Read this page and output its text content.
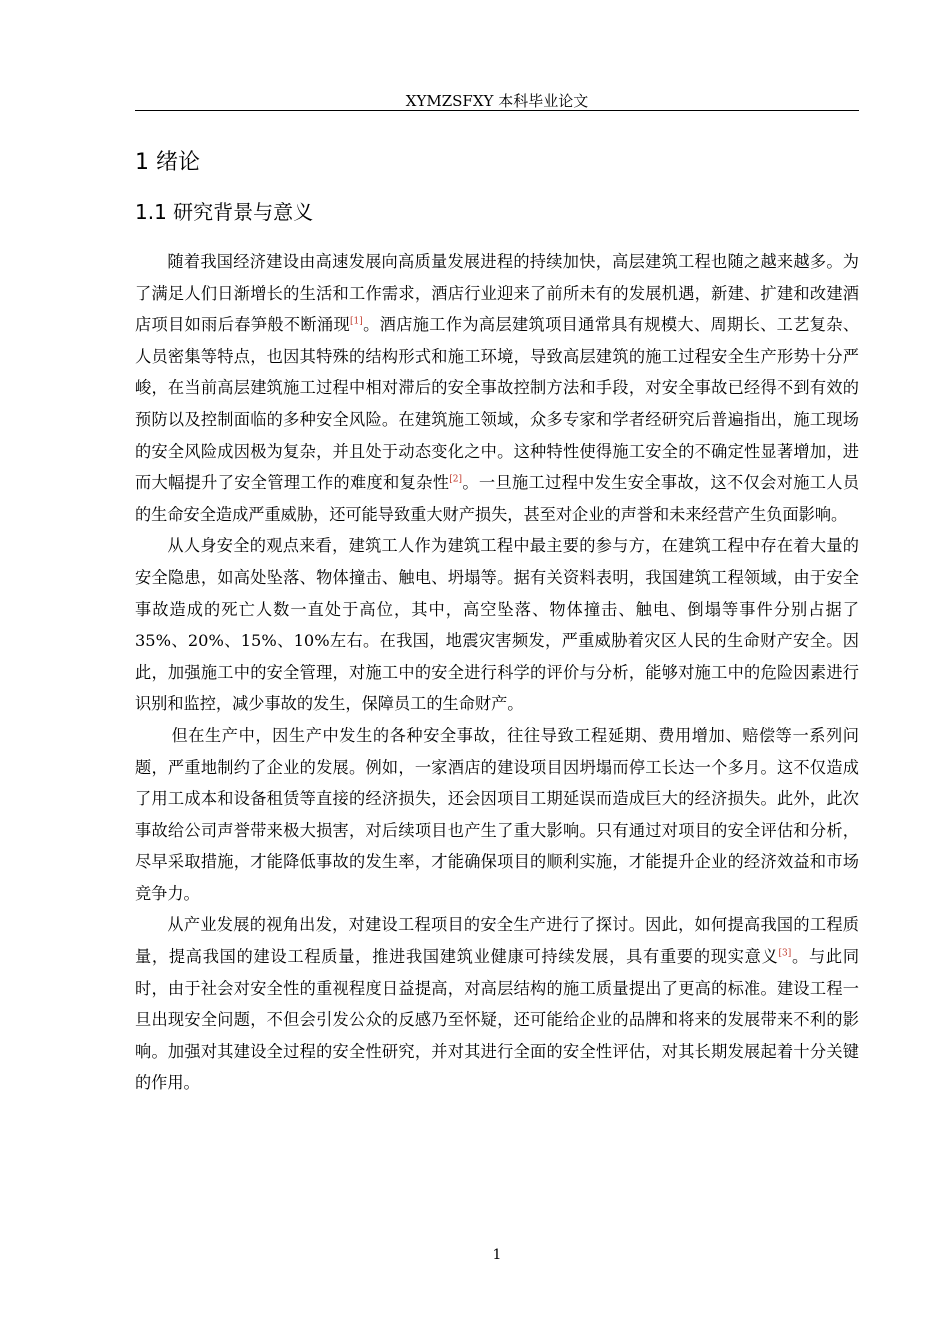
XYMZSFXY 本科毕业论文
1 绪论
1.1 研究背景与意义

随着我国经济建设由高速发展向高质量发展进程的持续加快，高层建筑工程也随之越来越多。为了满足人们日渐增长的生活和工作需求，酒店行业迎来了前所未有的发展机遇，新建、扩建和改建酒店项目如雨后春笋般不断涌现[1]。酒店施工作为高层建筑项目通常具有规模大、周期长、工艺复杂、人员密集等特点，也因其特殊的结构形式和施工环境，导致高层建筑的施工过程安全生产形势十分严峻，在当前高层建筑施工过程中相对滞后的安全事故控制方法和手段，对安全事故已经得不到有效的预防以及控制面临的多种安全风险。在建筑施工领域，众多专家和学者经研究后普遍指出，施工现场的安全风险成因极为复杂，并且处于动态变化之中。这种特性使得施工安全的不确定性显著增加，进而大幅提升了安全管理工作的难度和复杂性[2]。一旦施工过程中发生安全事故，这不仅会对施工人员的生命安全造成严重威胁，还可能导致重大财产损失，甚至对企业的声誉和未来经营产生负面影响。

从人身安全的观点来看，建筑工人作为建筑工程中最主要的参与方，在建筑工程中存在着大量的安全隐患，如高处坠落、物体撞击、触电、坍塌等。据有关资料表明，我国建筑工程领域，由于安全事故造成的死亡人数一直处于高位，其中，高空坠落、物体撞击、触电、倒塌等事件分别占据了 35%、20%、15%、10%左右。在我国，地震灾害频发，严重威胁着灾区人民的生命财产安全。因此，加强施工中的安全管理，对施工中的安全进行科学的评价与分析，能够对施工中的危险因素进行识别和监控，减少事故的发生，保障员工的生命财产。

但在生产中，因生产中发生的各种安全事故，往往导致工程延期、费用增加、赔偿等一系列问题，严重地制约了企业的发展。例如，一家酒店的建设项目因坍塌而停工长达一个多月。这不仅造成了用工成本和设备租赁等直接的经济损失，还会因项目工期延误而造成巨大的经济损失。此外，此次事故给公司声誉带来极大损害，对后续项目也产生了重大影响。只有通过对项目的安全评估和分析，尽早采取措施，才能降低事故的发生率，才能确保项目的顺利实施，才能提升企业的经济效益和市场竞争力。

从产业发展的视角出发，对建设工程项目的安全生产进行了探讨。因此，如何提高我国的工程质量，提高我国的建设工程质量，推进我国建筑业健康可持续发展，具有重要的现实意义[3]。与此同时，由于社会对安全性的重视程度日益提高，对高层结构的施工质量提出了更高的标准。建设工程一旦出现安全问题，不但会引发公众的反感乃至怀疑，还可能给企业的品牌和将来的发展带来不利的影响。加强对其建设全过程的安全性研究，并对其进行全面的安全性评估，对其长期发展起着十分关键的作用。

1
